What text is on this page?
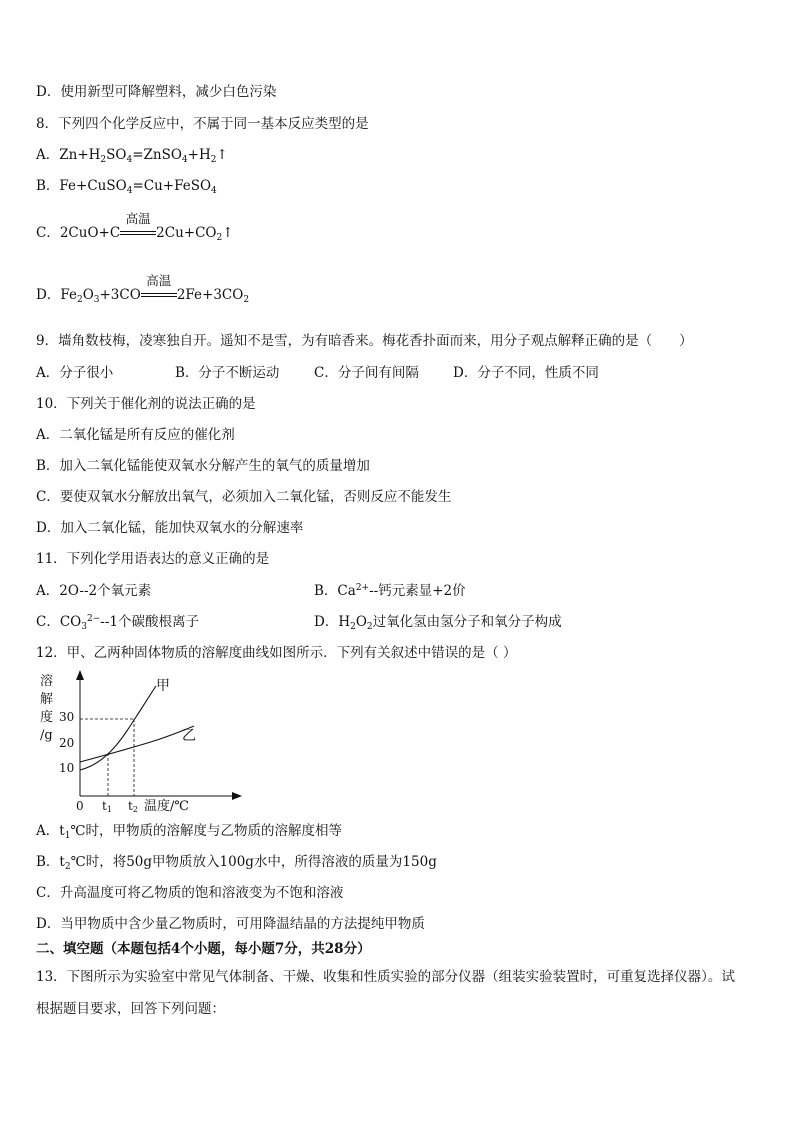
D．使用新型可降解塑料，减少白色污染
8．下列四个化学反应中，不属于同一基本反应类型的是
A．$Zn+H_2SO_4=ZnSO_4+H_2↑$
B．Fe+CuSO$_4$=Cu+FeSO$_4$
C．2CuO+C
高温
$2Cu+CO_2↑$
D．$Fe_2O_3+3CO$
高温
$2Fe+3CO_2$
9．墙角数枝梅，凌寒独自开。遥知不是雪，为有暗香来。梅花香扑面而来，用分子观点解释正确的是（　　）
A．分子很小	B．分子不断运动	C．分子间有间隔	D．分子不同，性质不同
10．下列关于催化剂的说法正确的是
A．二氧化锰是所有反应的催化剂
B．加入二氧化锰能使双氧水分解产生的氧气的质量增加
C．要使双氧水分解放出氧气，必须加入二氧化锰，否则反应不能发生
D．加入二氧化锰，能加快双氧水的分解速率
11．下列化学用语表达的意义正确的是
A．2O--2个氧元素	B．$Ca^{2+}--$钙元素显+2价
C．$CO_3^{2-}--1$个碳酸根离子	D．$H_2O_2$过氧化氢由氢分子和氧分子构成
12．甲、乙两种固体物质的溶解度曲线如图所示．下列有关叙述中错误的是（ ）
溶 解 度 /g
30
20
10
0 t1 t2 温度/℃
甲
乙
A．$t_1℃$时，甲物质的溶解度与乙物质的溶解度相等
B．$t_2℃$时，将50g甲物质放入100g水中，所得溶液的质量为150g
C．升高温度可将乙物质的饱和溶液变为不饱和溶液
D．当甲物质中含少量乙物质时，可用降温结晶的方法提纯甲物质
二、填空题（本题包括4个小题，每小题7分，共28分）
13．下图所示为实验室中常见气体制备、干燥、收集和性质实验的部分仪器（组装实验装置时，可重复选择仪器）。试
根据题目要求，回答下列问题：
